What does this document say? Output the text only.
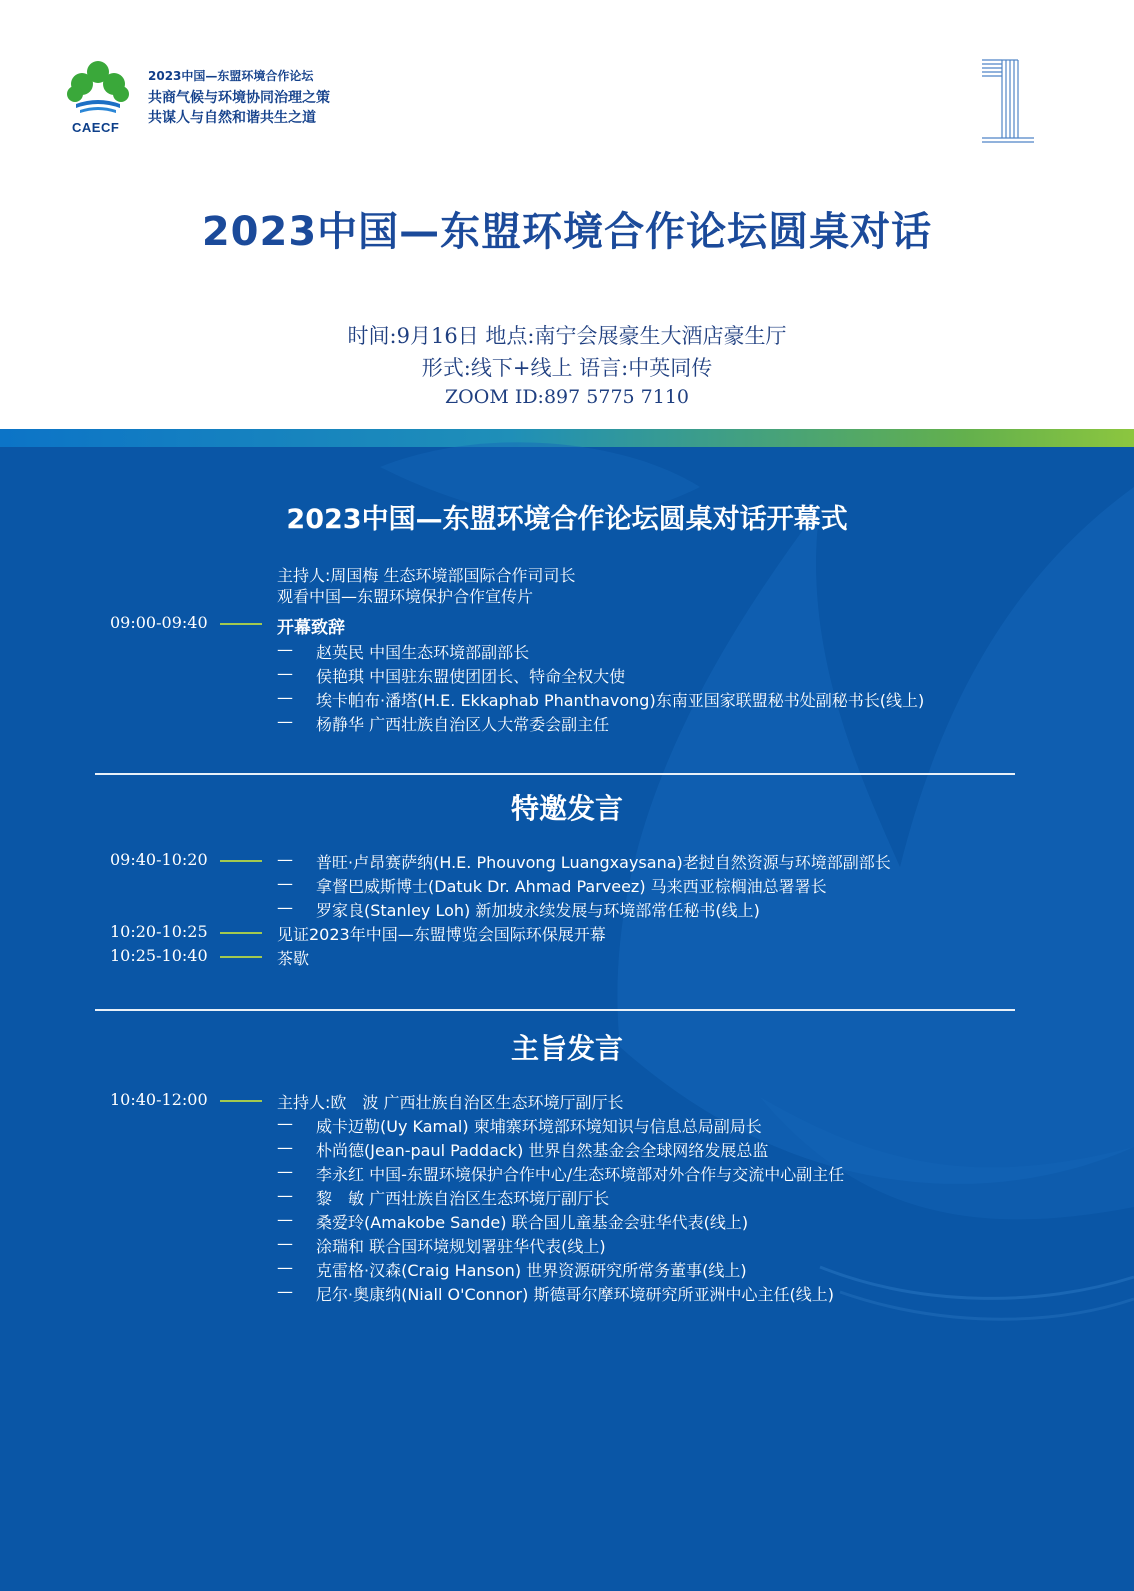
CAECF
2023中国—东盟环境合作论坛
共商气候与环境协同治理之策
共谋人与自然和谐共生之道
1
2023中国—东盟环境合作论坛圆桌对话
时间:9月16日 地点:南宁会展豪生大酒店豪生厅
形式:线下+线上 语言:中英同传
ZOOM ID:897 5775 7110
2023中国—东盟环境合作论坛圆桌对话开幕式
主持人:周国梅 生态环境部国际合作司司长
观看中国—东盟环境保护合作宣传片
09:00-09:40	开幕致辞
— 赵英民 中国生态环境部副部长
— 侯艳琪 中国驻东盟使团团长、特命全权大使
— 埃卡帕布·潘塔(H.E. Ekkaphab Phanthavong)东南亚国家联盟秘书处副秘书长(线上)
— 杨静华 广西壮族自治区人大常委会副主任
特邀发言
09:40-10:20	— 普旺·卢昂赛萨纳(H.E. Phouvong Luangxaysana)老挝自然资源与环境部副部长
— 拿督巴威斯博士(Datuk Dr. Ahmad Parveez) 马来西亚棕榈油总署署长
— 罗家良(Stanley Loh) 新加坡永续发展与环境部常任秘书(线上)
10:20-10:25	见证2023年中国—东盟博览会国际环保展开幕
10:25-10:40	茶歇
主旨发言
10:40-12:00	主持人:欧　波 广西壮族自治区生态环境厅副厅长
— 威卡迈勒(Uy Kamal) 柬埔寨环境部环境知识与信息总局副局长
— 朴尚德(Jean-paul Paddack) 世界自然基金会全球网络发展总监
— 李永红 中国-东盟环境保护合作中心/生态环境部对外合作与交流中心副主任
— 黎　敏 广西壮族自治区生态环境厅副厅长
— 桑爱玲(Amakobe Sande) 联合国儿童基金会驻华代表(线上)
— 涂瑞和 联合国环境规划署驻华代表(线上)
— 克雷格·汉森(Craig Hanson) 世界资源研究所常务董事(线上)
— 尼尔·奥康纳(Niall O'Connor) 斯德哥尔摩环境研究所亚洲中心主任(线上)
